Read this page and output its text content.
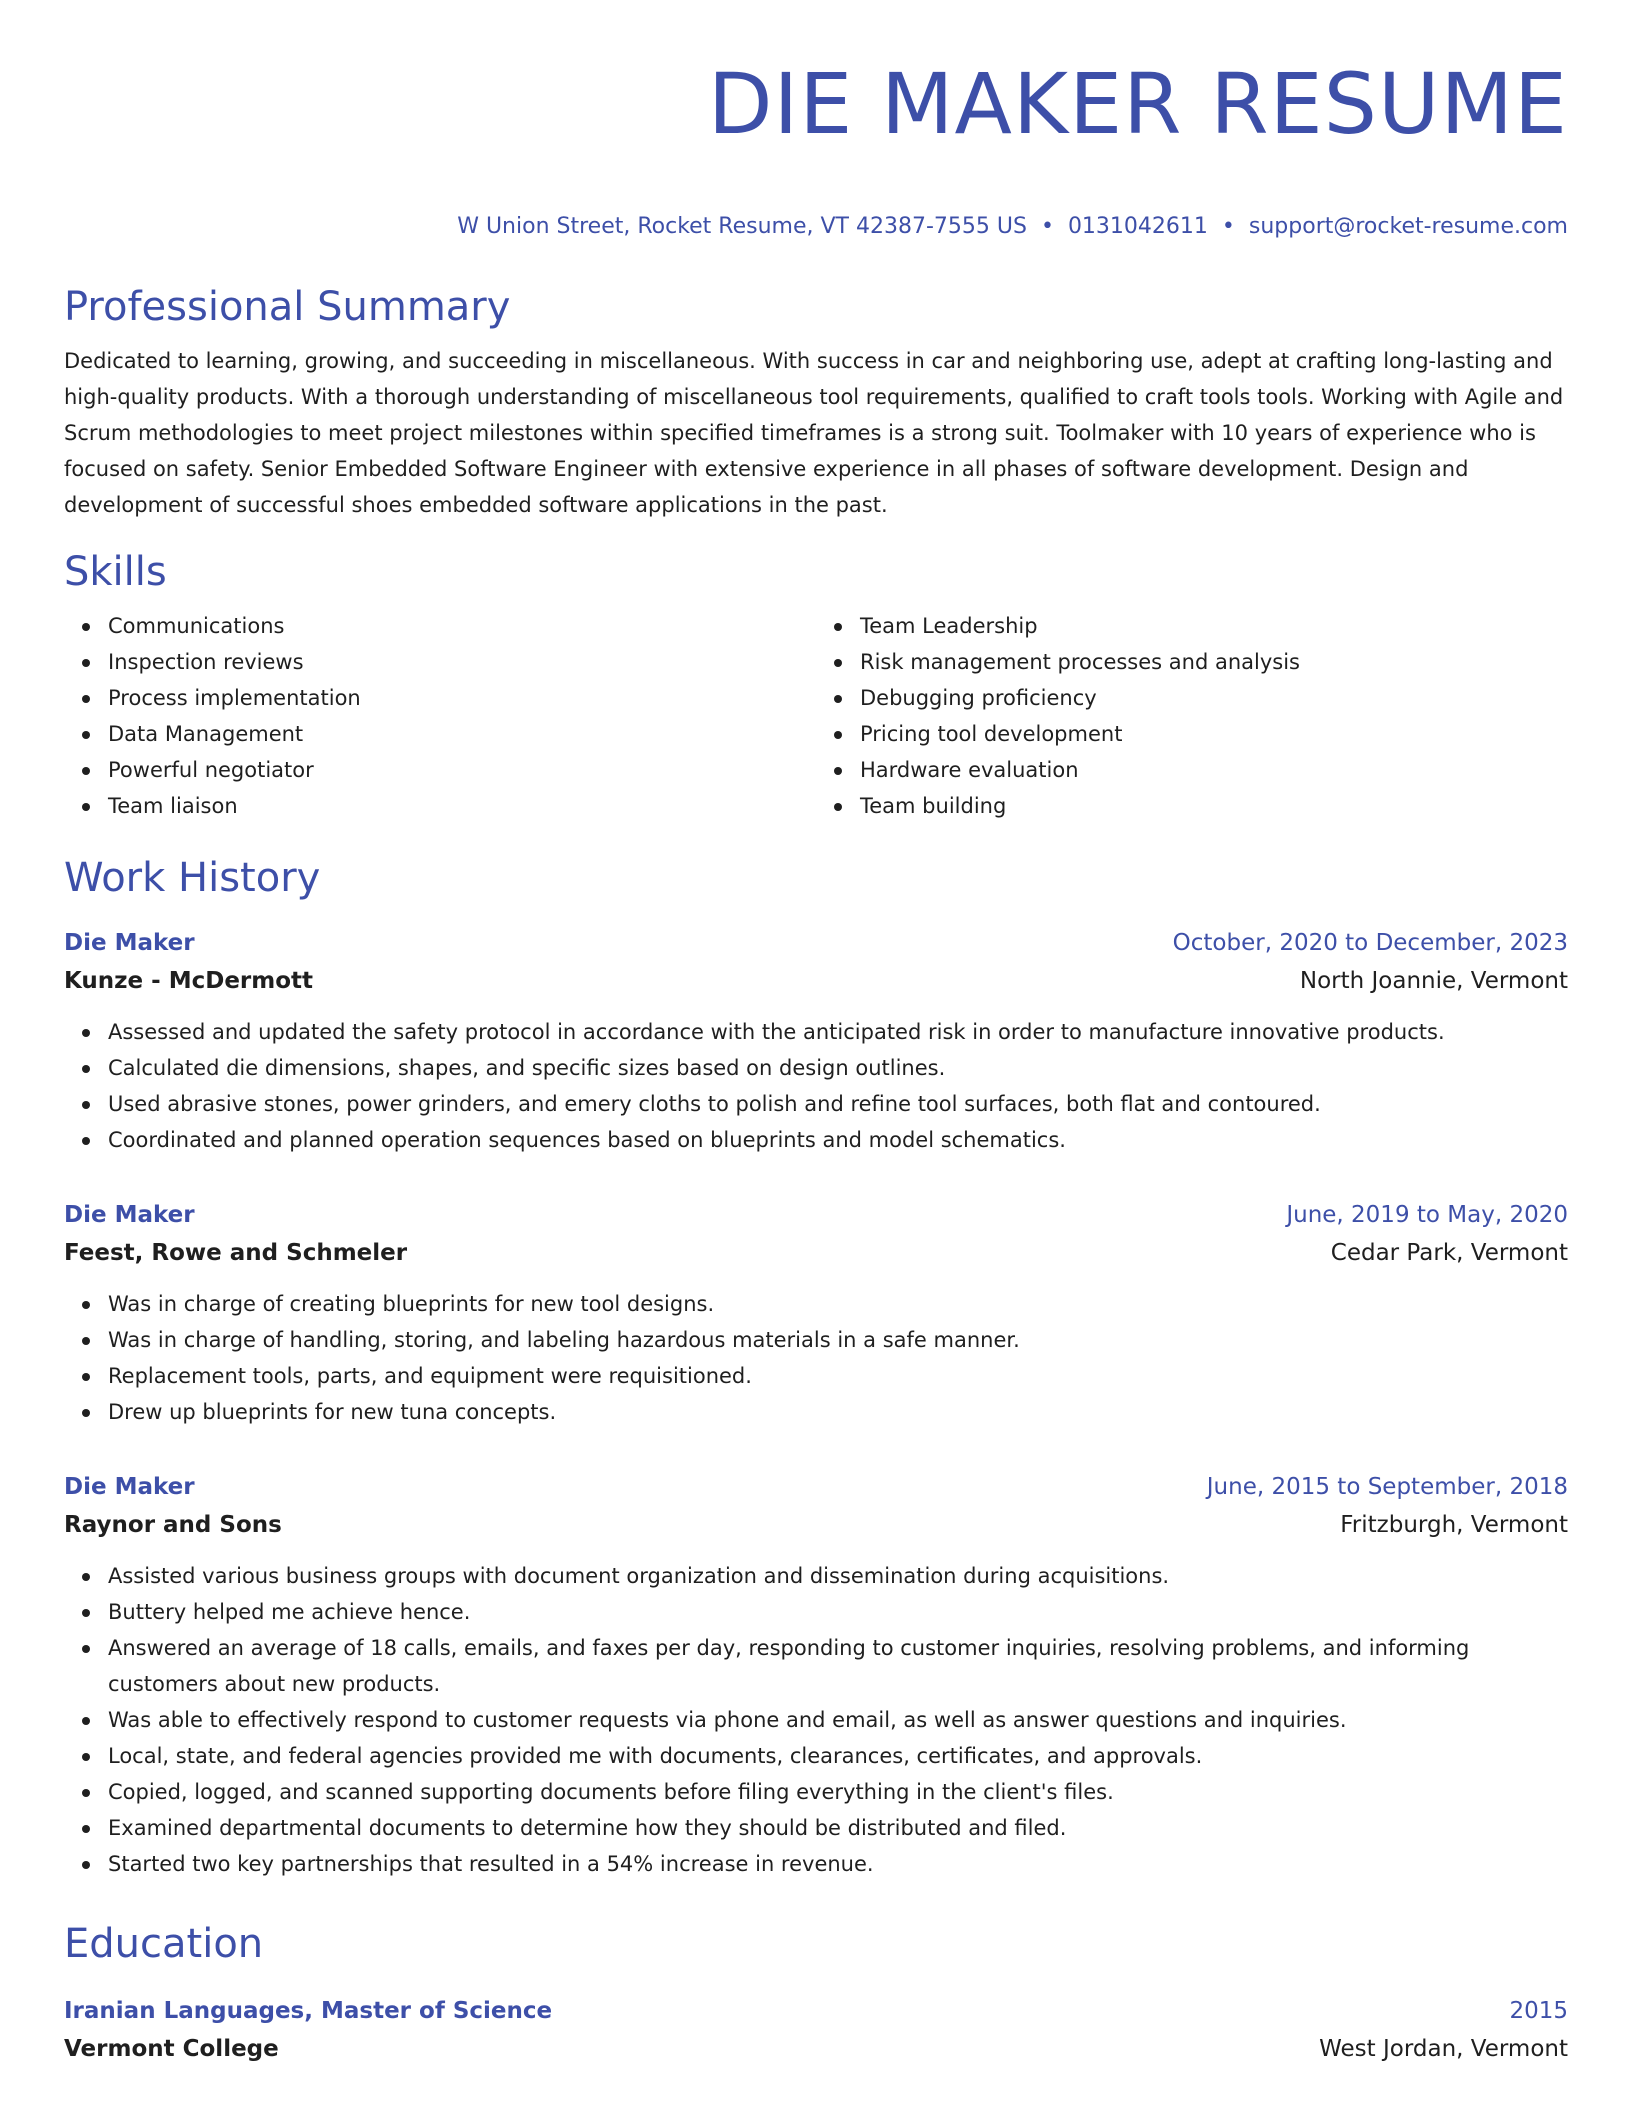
DIE MAKER RESUME
W Union Street, Rocket Resume, VT 42387-7555 US • 0131042611 • support@rocket-resume.com
Professional Summary
Dedicated to learning, growing, and succeeding in miscellaneous. With success in car and neighboring use, adept at crafting long-lasting and high-quality products. With a thorough understanding of miscellaneous tool requirements, qualified to craft tools tools. Working with Agile and Scrum methodologies to meet project milestones within specified timeframes is a strong suit. Toolmaker with 10 years of experience who is focused on safety. Senior Embedded Software Engineer with extensive experience in all phases of software development. Design and development of successful shoes embedded software applications in the past.
Skills
Communications
Inspection reviews
Process implementation
Data Management
Powerful negotiator
Team liaison
Team Leadership
Risk management processes and analysis
Debugging proficiency
Pricing tool development
Hardware evaluation
Team building
Work History
Die Maker	October, 2020 to December, 2023
Kunze - McDermott	North Joannie, Vermont
Assessed and updated the safety protocol in accordance with the anticipated risk in order to manufacture innovative products.
Calculated die dimensions, shapes, and specific sizes based on design outlines.
Used abrasive stones, power grinders, and emery cloths to polish and refine tool surfaces, both flat and contoured.
Coordinated and planned operation sequences based on blueprints and model schematics.
Die Maker	June, 2019 to May, 2020
Feest, Rowe and Schmeler	Cedar Park, Vermont
Was in charge of creating blueprints for new tool designs.
Was in charge of handling, storing, and labeling hazardous materials in a safe manner.
Replacement tools, parts, and equipment were requisitioned.
Drew up blueprints for new tuna concepts.
Die Maker	June, 2015 to September, 2018
Raynor and Sons	Fritzburgh, Vermont
Assisted various business groups with document organization and dissemination during acquisitions.
Buttery helped me achieve hence.
Answered an average of 18 calls, emails, and faxes per day, responding to customer inquiries, resolving problems, and informing customers about new products.
Was able to effectively respond to customer requests via phone and email, as well as answer questions and inquiries.
Local, state, and federal agencies provided me with documents, clearances, certificates, and approvals.
Copied, logged, and scanned supporting documents before filing everything in the client's files.
Examined departmental documents to determine how they should be distributed and filed.
Started two key partnerships that resulted in a 54% increase in revenue.
Education
Iranian Languages, Master of Science	2015
Vermont College	West Jordan, Vermont
